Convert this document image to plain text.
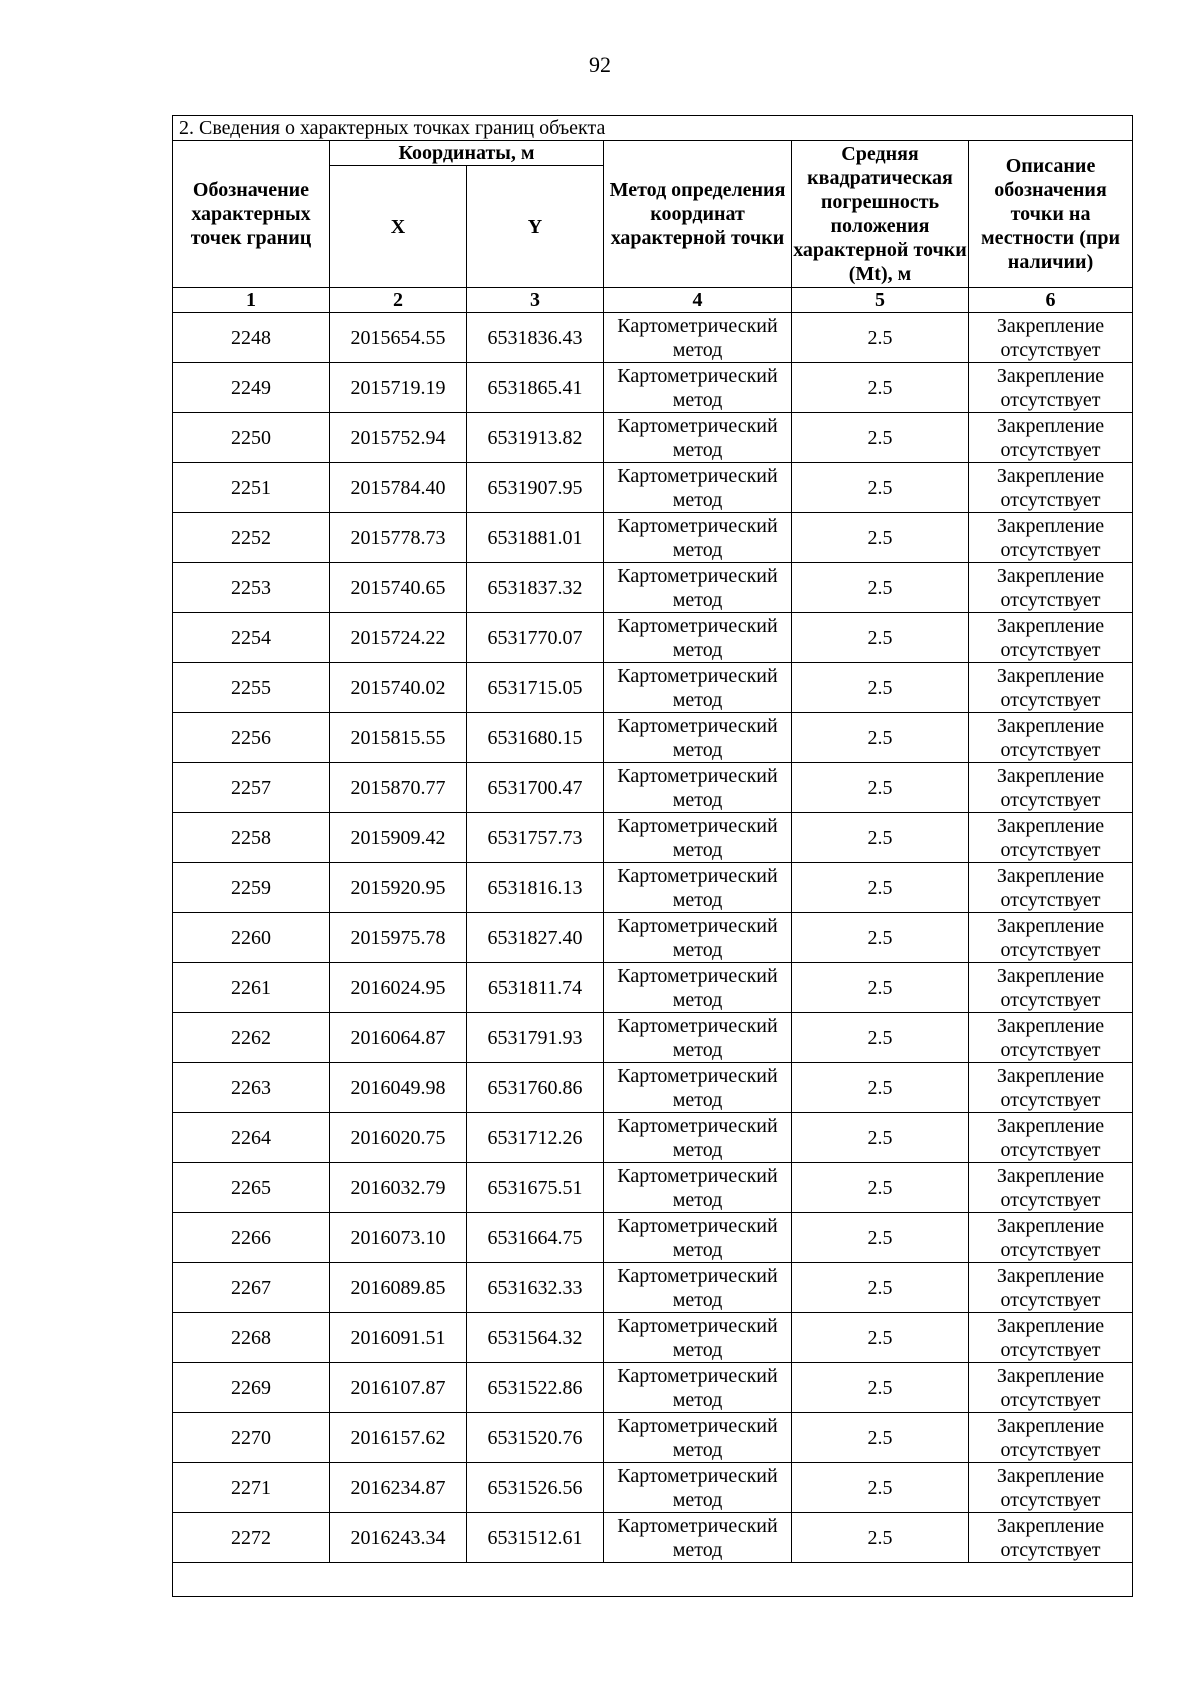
92
2. Сведения о характерных точках границ объекта					
Обозначение характерных точек границ	Координаты, м		Метод определения координат характерной точки	Средняя квадратическая погрешность положения характерной точки (Mt), м	Описание обозначения точки на местности (при наличии)
	X	Y			
1	2	3	4	5	6
2248	2015654.55	6531836.43	Картометрический метод	2.5	Закрепление отсутствует
2249	2015719.19	6531865.41	Картометрический метод	2.5	Закрепление отсутствует
2250	2015752.94	6531913.82	Картометрический метод	2.5	Закрепление отсутствует
2251	2015784.40	6531907.95	Картометрический метод	2.5	Закрепление отсутствует
2252	2015778.73	6531881.01	Картометрический метод	2.5	Закрепление отсутствует
2253	2015740.65	6531837.32	Картометрический метод	2.5	Закрепление отсутствует
2254	2015724.22	6531770.07	Картометрический метод	2.5	Закрепление отсутствует
2255	2015740.02	6531715.05	Картометрический метод	2.5	Закрепление отсутствует
2256	2015815.55	6531680.15	Картометрический метод	2.5	Закрепление отсутствует
2257	2015870.77	6531700.47	Картометрический метод	2.5	Закрепление отсутствует
2258	2015909.42	6531757.73	Картометрический метод	2.5	Закрепление отсутствует
2259	2015920.95	6531816.13	Картометрический метод	2.5	Закрепление отсутствует
2260	2015975.78	6531827.40	Картометрический метод	2.5	Закрепление отсутствует
2261	2016024.95	6531811.74	Картометрический метод	2.5	Закрепление отсутствует
2262	2016064.87	6531791.93	Картометрический метод	2.5	Закрепление отсутствует
2263	2016049.98	6531760.86	Картометрический метод	2.5	Закрепление отсутствует
2264	2016020.75	6531712.26	Картометрический метод	2.5	Закрепление отсутствует
2265	2016032.79	6531675.51	Картометрический метод	2.5	Закрепление отсутствует
2266	2016073.10	6531664.75	Картометрический метод	2.5	Закрепление отсутствует
2267	2016089.85	6531632.33	Картометрический метод	2.5	Закрепление отсутствует
2268	2016091.51	6531564.32	Картометрический метод	2.5	Закрепление отсутствует
2269	2016107.87	6531522.86	Картометрический метод	2.5	Закрепление отсутствует
2270	2016157.62	6531520.76	Картометрический метод	2.5	Закрепление отсутствует
2271	2016234.87	6531526.56	Картометрический метод	2.5	Закрепление отсутствует
2272	2016243.34	6531512.61	Картометрический метод	2.5	Закрепление отсутствует
